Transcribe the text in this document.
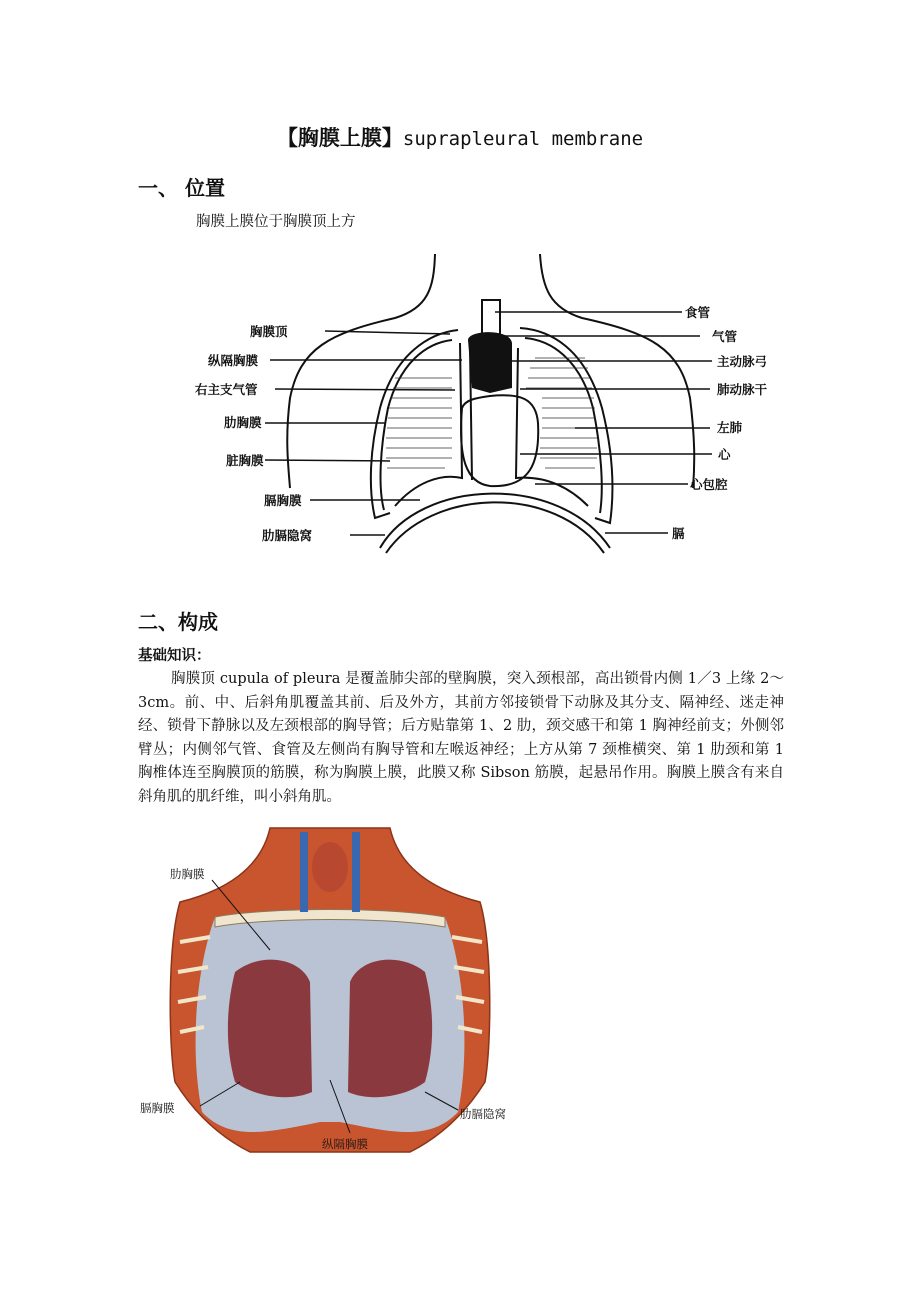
【胸膜上膜】suprapleural membrane
一、 位置
胸膜上膜位于胸膜顶上方
胸膜顶
纵隔胸膜
右主支气管
肋胸膜
脏胸膜
膈胸膜
肋膈隐窝
食管
气管
主动脉弓
肺动脉干
左肺
心
心包腔
膈
二、构成
基础知识：
胸膜顶 cupula of pleura 是覆盖肺尖部的壁胸膜，突入颈根部，高出锁骨内侧 1／3 上缘 2～3cm。前、中、后斜角肌覆盖其前、后及外方，其前方邻接锁骨下动脉及其分支、隔神经、迷走神经、锁骨下静脉以及左颈根部的胸导管；后方贴靠第 1、2 肋，颈交感干和第 1 胸神经前支；外侧邻臂丛；内侧邻气管、食管及左侧尚有胸导管和左喉返神经；上方从第 7 颈椎横突、第 1 肋颈和第 1 胸椎体连至胸膜顶的筋膜，称为胸膜上膜，此膜又称 Sibson 筋膜，起悬吊作用。胸膜上膜含有来自斜角肌的肌纤维，叫小斜角肌。
肋胸膜
膈胸膜
纵隔胸膜
肋膈隐窝
